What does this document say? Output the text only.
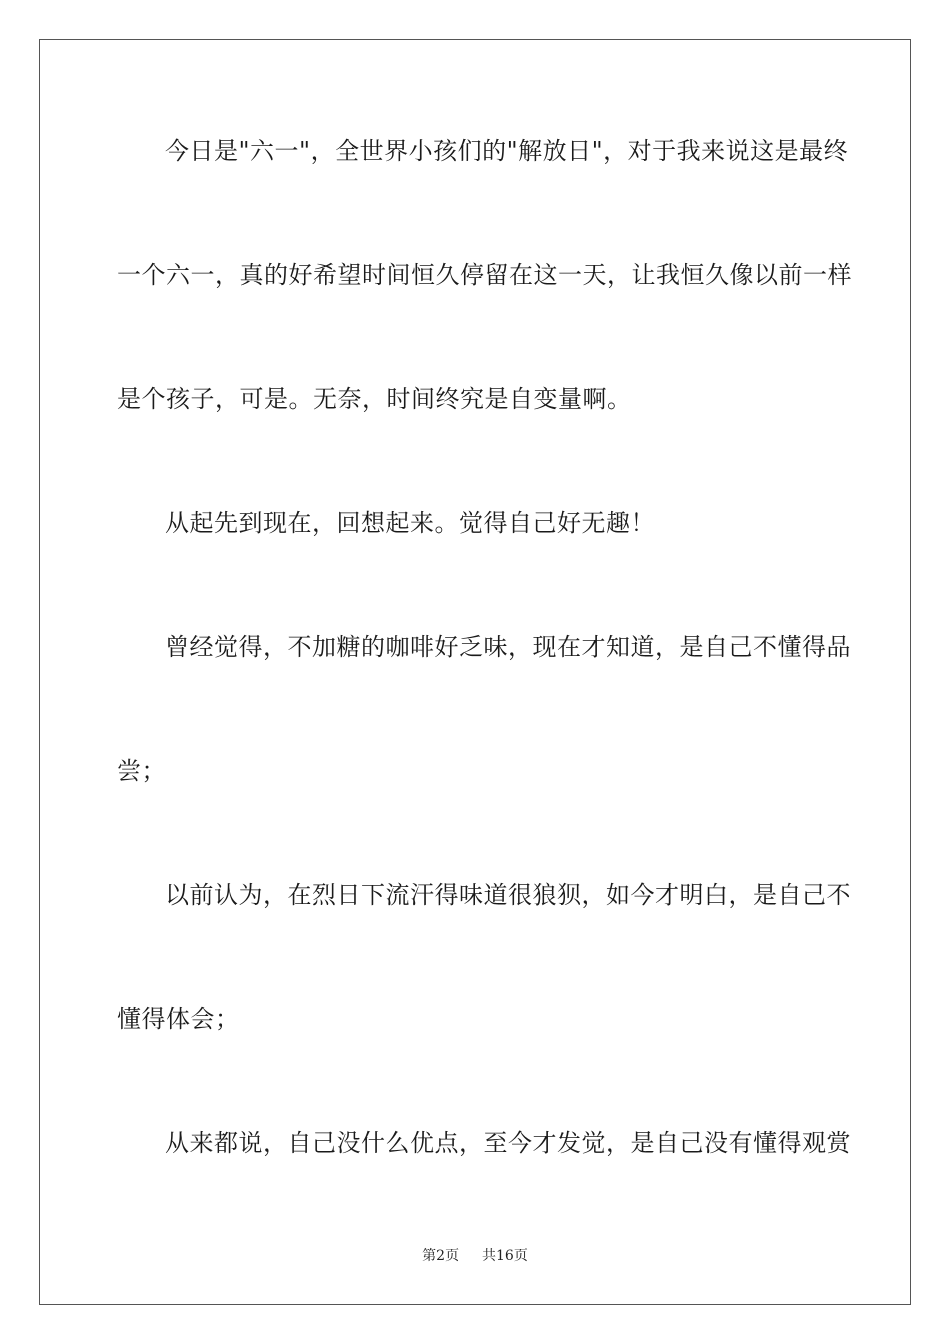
今日是"六一"，全世界小孩们的"解放日"，对于我来说这是最终
一个六一，真的好希望时间恒久停留在这一天，让我恒久像以前一样
是个孩子，可是。无奈，时间终究是自变量啊。
从起先到现在，回想起来。觉得自己好无趣！
曾经觉得，不加糖的咖啡好乏味，现在才知道，是自己不懂得品
尝；
以前认为，在烈日下流汗得味道很狼狈，如今才明白，是自己不
懂得体会；
从来都说，自己没什么优点，至今才发觉，是自己没有懂得观赏
第2页 共16页
